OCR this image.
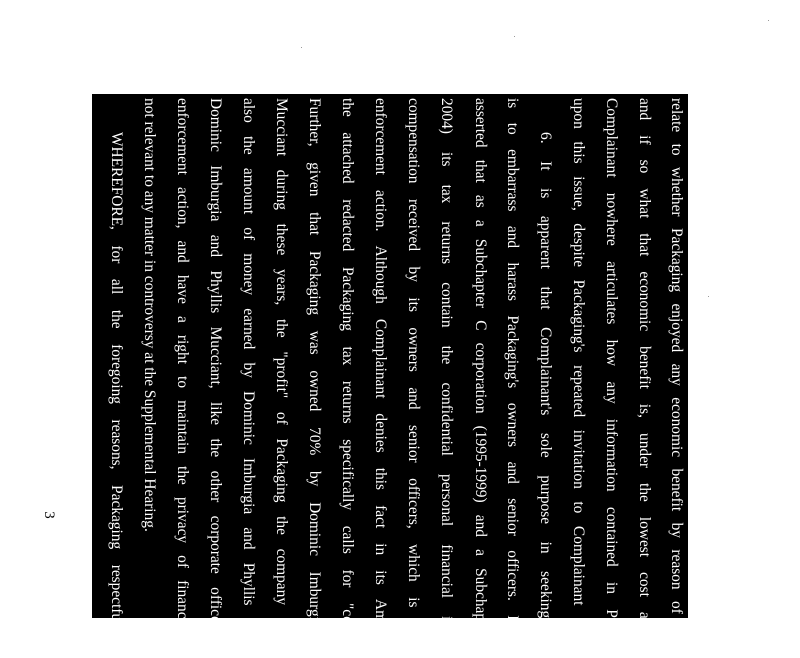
3	relate to whether Packaging enjoyed any economic benefit by reason of its c
and if so what that economic benefit is, under the lowest cost alternat
Complainant nowhere articulates how any information contained in Packagi
upon this issue, despite Packaging's repeated invitation to Complainant to do
6. It is apparent that Complainant's sole purpose in seeking Pac
is to embarrass and harass Packaging's owners and senior officers. Repeat
asserted that as a Subchapter C corporation (1995-1999) and a Subchapter S
2004) its tax returns contain the confidential personal financial inform
compensation received by its owners and senior officers, which is entire
enforcement action. Although Complainant denies this fact in its Amendec
the attached redacted Packaging tax returns specifically calls for "compen
Further, given that Packaging was owned 70% by Dominic Imburgia an
Mucciant during these years, the "profit" of Packaging the company in ea
also the amount of money earned by Dominic Imburgia and Phyllis Mucci
Dominic Imburgia and Phyllis Mucciant, like the other corporate officers, a
enforcement action, and have a right to maintain the privacy of financial in
not relevant to any matter in controversy at the Supplemental Hearing.
WHEREFORE, for all the foregoing reasons, Packaging respectfully r
Hearing Officer deny Complainant's Amended Motion to Compel.
